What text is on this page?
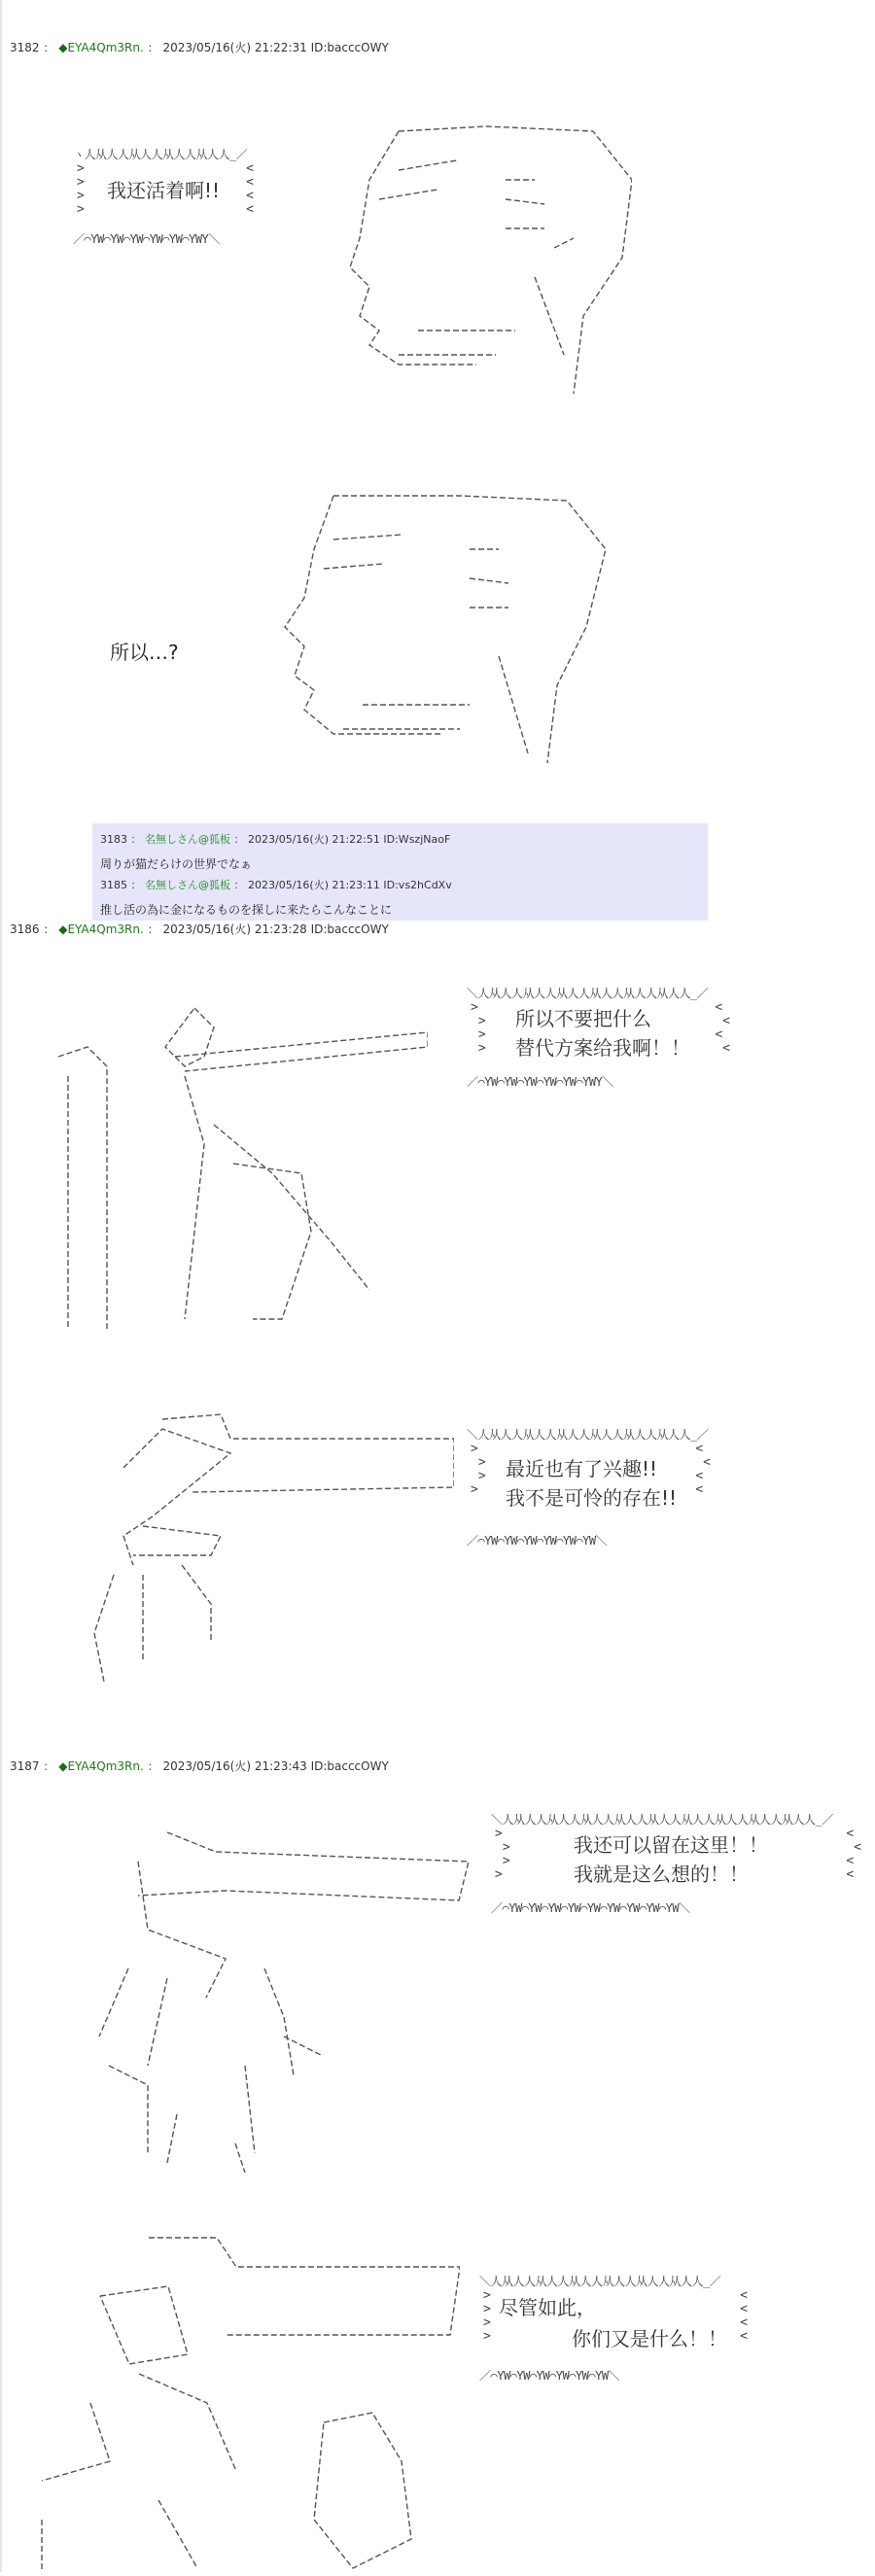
3182 ： ◆EYA4Qm3Rn. ： 2023/05/16(火) 21:22:31 ID:baccсOWY
ヽ人从人人从人人从人人从人人_／
>
>
>
>
<
<
<
<
我还活着啊!!
／⌒YW⌒YW⌒YW⌒YW⌒YW⌒YWY＼
所以…?
3183 ： 名無しさん@狐板 ： 2023/05/16(火) 21:22:51 ID:WszjNaoF
周りが猫だらけの世界でなぁ
3185 ： 名無しさん@狐板 ： 2023/05/16(火) 21:23:11 ID:vs2hCdXv
推し活の為に金になるものを探しに来たらこんなことに
3186 ： ◆EYA4Qm3Rn. ： 2023/05/16(火) 21:23:28 ID:baccсOWY
＼人从人人从人人从人人从人人从人人从人人_／
>
>
>
>
<
<
<
<
所以不要把什么
替代方案给我啊！！
／⌒YW⌒YW⌒YW⌒YW⌒YW⌒YWY＼
＼人从人人从人人从人人从人人从人人从人人_／
>
>
>
>
<
<
<
<
最近也有了兴趣!!
我不是可怜的存在!!
／⌒YW⌒YW⌒YW⌒YW⌒YW⌒YW＼
3187 ： ◆EYA4Qm3Rn. ： 2023/05/16(火) 21:23:43 ID:baccсOWY
＼人从人人从人人从人人从人人从人人从人人从人人从人人从人人_／
>
>
>
>
<
<
<
<
我还可以留在这里！！
我就是这么想的！！
／⌒YW⌒YW⌒YW⌒YW⌒YW⌒YW⌒YW⌒YW⌒YW＼
＼人从人人从人人从人人从人人从人人从人人_／
>
>
>
>
<
<
<
<
尽管如此，
你们又是什么！！
／⌒YW⌒YW⌒YW⌒YW⌒YW⌒YW＼
